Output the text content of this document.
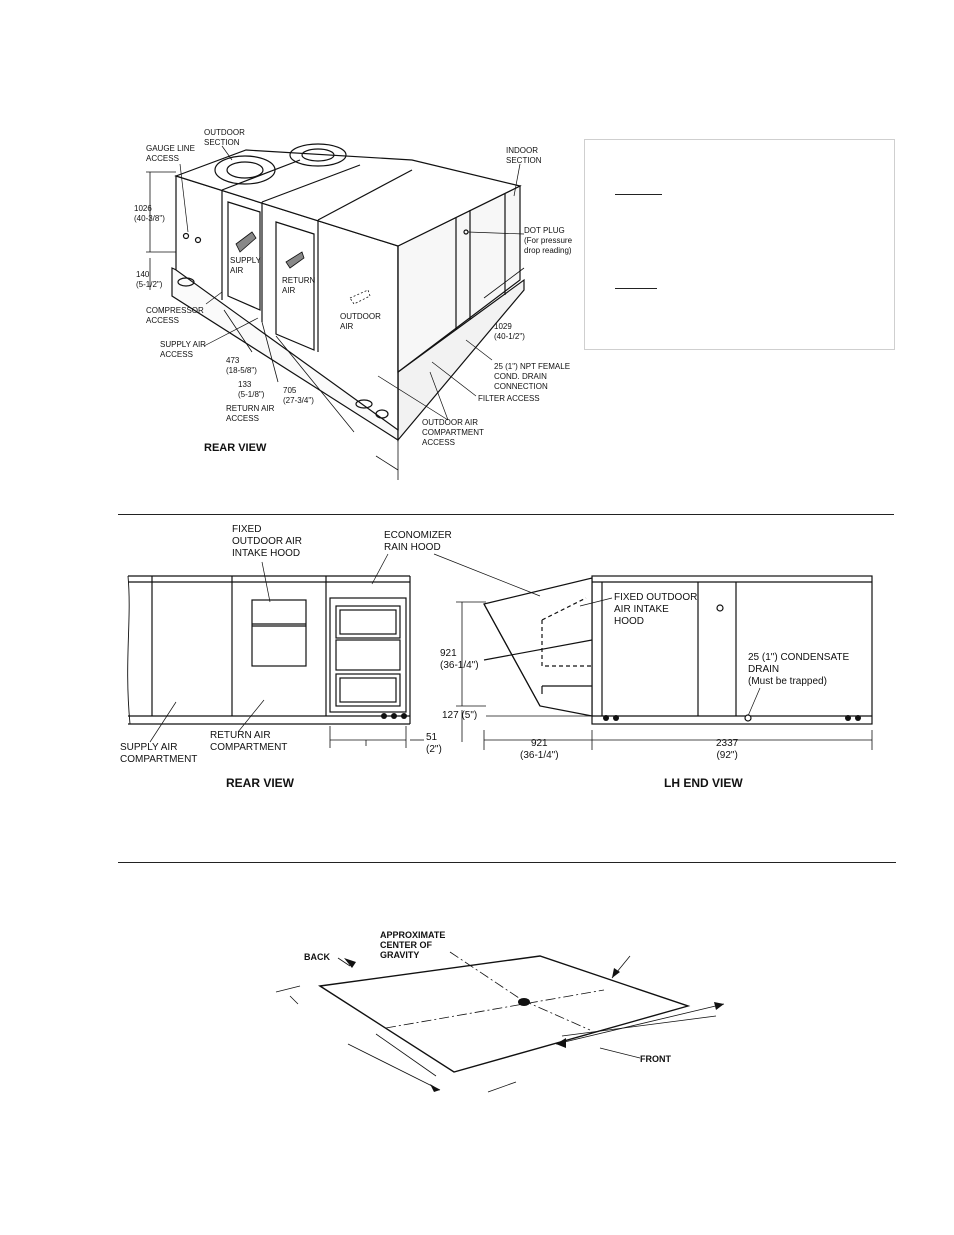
GAUGE LINE
ACCESS
OUTDOOR
SECTION
INDOOR
SECTION
1026
(40-3/8")
140
(5-1/2")
COMPRESSOR
ACCESS
SUPPLY
AIR
RETURN
AIR
OUTDOOR
AIR
DOT PLUG
(For pressure
drop reading)
SUPPLY AIR
ACCESS
473
(18-5/8")
133
(5-1/8") 705
(27-3/4")
RETURN AIR
ACCESS
1029
(40-1/2")
25 (1") NPT FEMALE
COND. DRAIN
CONNECTION
FILTER ACCESS
OUTDOOR AIR
COMPARTMENT
ACCESS
REAR VIEW
FIXED
OUTDOOR AIR
INTAKE HOOD
ECONOMIZER
RAIN HOOD
SUPPLY AIR
COMPARTMENT
RETURN AIR
COMPARTMENT
51
(2")
FIXED OUTDOOR
AIR INTAKE
HOOD
921
(36-1/4")
127 (5")
25 (1") CONDENSATE
DRAIN
(Must be trapped)
921
(36-1/4")
2337
(92")
REAR VIEW	LH END VIEW
APPROXIMATE
CENTER OF
GRAVITY
BACK
FRONT
